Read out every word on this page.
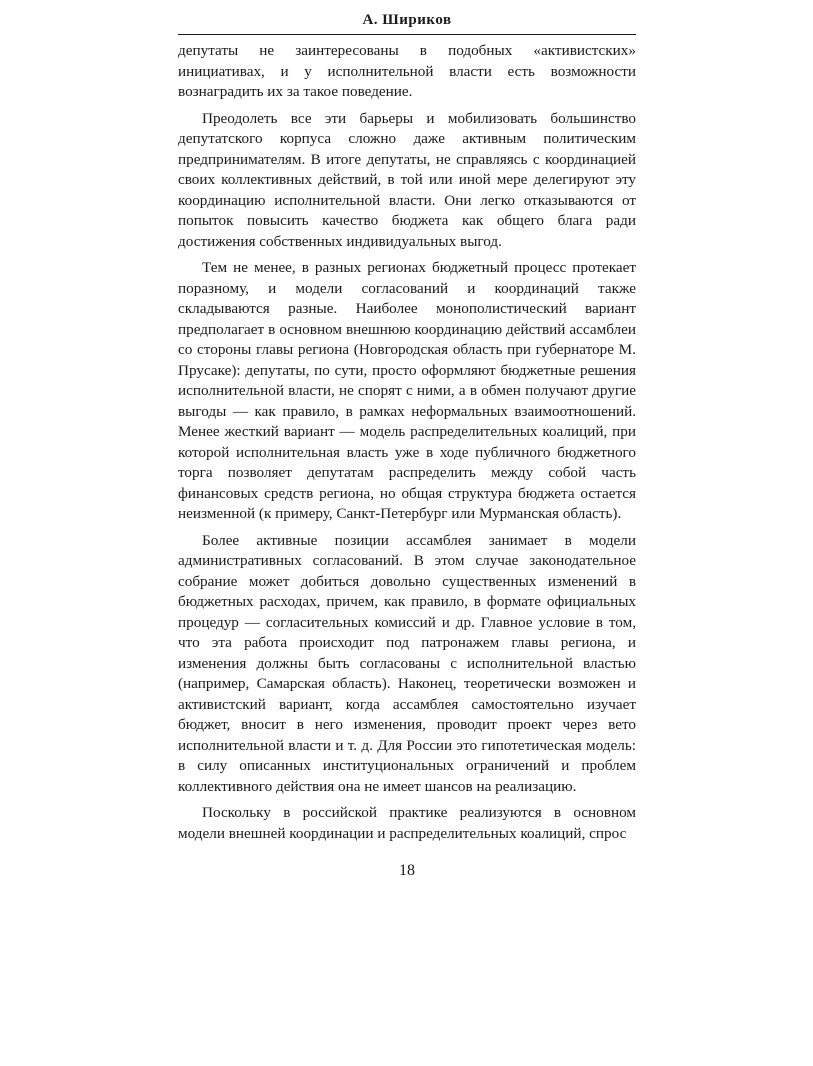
А. Шириков

депутаты не заинтересованы в подобных «активистских» инициативах, и у исполнительной власти есть возможности вознаградить их за такое поведение.

Преодолеть все эти барьеры и мобилизовать большинство депутатского корпуса сложно даже активным политическим предпринимателям. В итоге депутаты, не справляясь с координацией своих коллективных действий, в той или иной мере делегируют эту координацию исполнительной власти. Они легко отказываются от попыток повысить качество бюджета как общего блага ради достижения собственных индивидуальных выгод.

Тем не менее, в разных регионах бюджетный процесс протекает поразному, и модели согласований и координаций также складываются разные. Наиболее монополистический вариант предполагает в основном внешнюю координацию действий ассамблеи со стороны главы региона (Новгородская область при губернаторе М. Прусаке): депутаты, по сути, просто оформляют бюджетные решения исполнительной власти, не спорят с ними, а в обмен получают другие выгоды — как правило, в рамках неформальных взаимоотношений. Менее жесткий вариант — модель распределительных коалиций, при которой исполнительная власть уже в ходе публичного бюджетного торга позволяет депутатам распределить между собой часть финансовых средств региона, но общая структура бюджета остается неизменной (к примеру, Санкт-Петербург или Мурманская область).

Более активные позиции ассамблея занимает в модели административных согласований. В этом случае законодательное собрание может добиться довольно существенных изменений в бюджетных расходах, причем, как правило, в формате официальных процедур — согласительных комиссий и др. Главное условие в том, что эта работа происходит под патронажем главы региона, и изменения должны быть согласованы с исполнительной властью (например, Самарская область). Наконец, теоретически возможен и активистский вариант, когда ассамблея самостоятельно изучает бюджет, вносит в него изменения, проводит проект через вето исполнительной власти и т. д. Для России это гипотетическая модель: в силу описанных институциональных ограничений и проблем коллективного действия она не имеет шансов на реализацию.

Поскольку в российской практике реализуются в основном модели внешней координации и распределительных коалиций, спрос

18
